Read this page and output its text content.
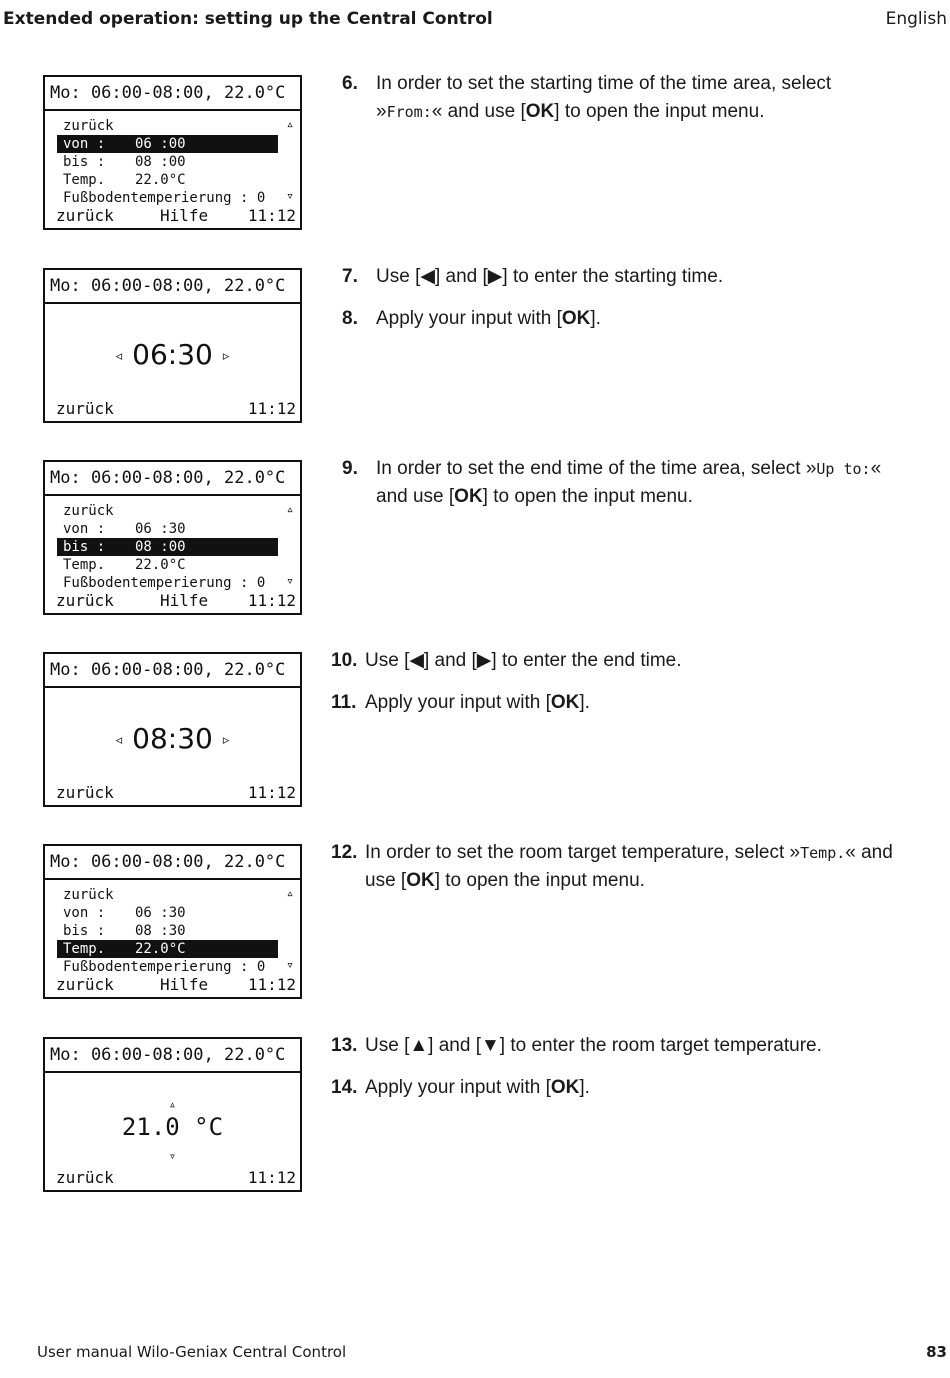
Extended operation: setting up the Central Control	English
Mo: 06:00-08:00, 22.0°C
zurück
von : 06 :00
bis : 08 :00
Temp. 22.0°C
Fußbodentemperierung : 0
▵
▿
zurück	Hilfe 11:12
6. In order to set the starting time of the time area, select »From:« and use [OK] to open the input menu.
Mo: 06:00-08:00, 22.0°C
◃ 06:30 ▹
zurück	11:12
7. Use [◀] and [▶] to enter the starting time.
8. Apply your input with [OK].
Mo: 06:00-08:00, 22.0°C
zurück
von : 06 :30
bis : 08 :00
Temp. 22.0°C
Fußbodentemperierung : 0
▵
▿
zurück	Hilfe 11:12
9. In order to set the end time of the time area, select »Up to:« and use [OK] to open the input menu.
Mo: 06:00-08:00, 22.0°C
◃ 08:30 ▹
zurück	11:12
10. Use [◀] and [▶] to enter the end time.
11. Apply your input with [OK].
Mo: 06:00-08:00, 22.0°C
zurück
von : 06 :30
bis : 08 :30
Temp. 22.0°C
Fußbodentemperierung : 0
▵
▿
zurück	Hilfe 11:12
12. In order to set the room target temperature, select »Temp.« and use [OK] to open the input menu.
Mo: 06:00-08:00, 22.0°C
▵
21.0 °C
▿
zurück	11:12
13. Use [▲] and [▼] to enter the room target temperature.
14. Apply your input with [OK].
User manual Wilo-Geniax Central Control	83
